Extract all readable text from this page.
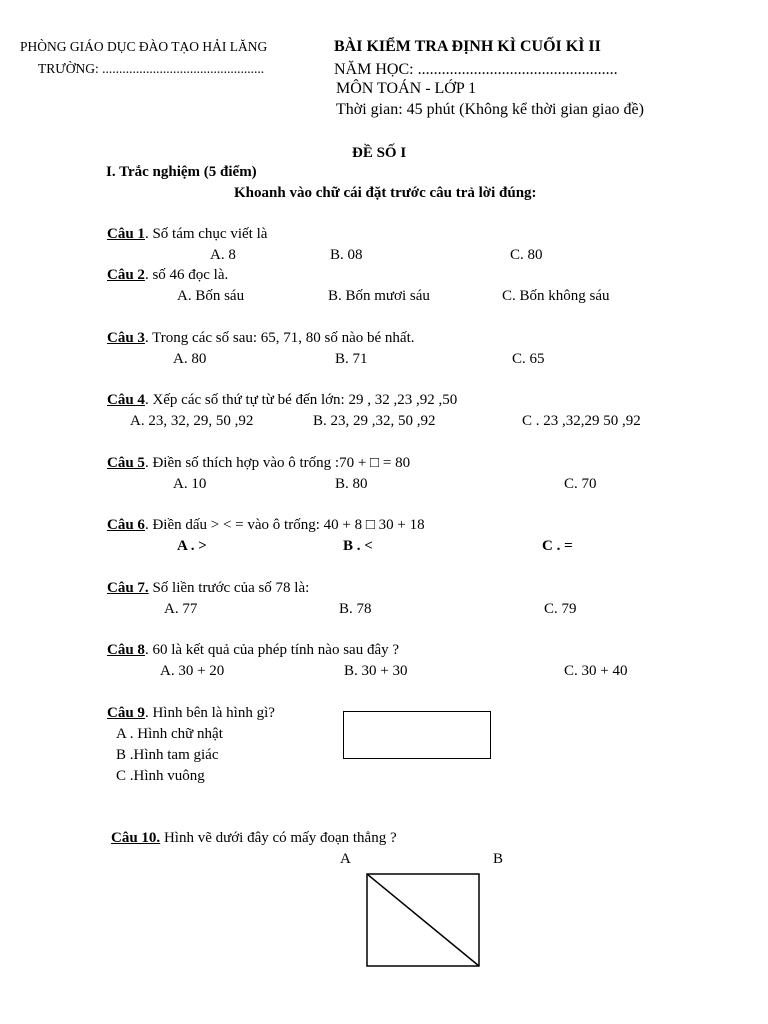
PHÒNG GIÁO DỤC ĐÀO TẠO HẢI LĂNG
TRƯỜNG: ................................................
BÀI KIỂM TRA ĐỊNH KÌ CUỐI KÌ II
NĂM HỌC: ..................................................
MÔN TOÁN - LỚP 1
Thời gian: 45 phút (Không kể thời gian giao đề)
ĐỀ SỐ I
I. Trắc nghiệm (5 điểm)
Khoanh vào chữ cái đặt trước câu trả lời đúng:
Câu 1. Số tám chục viết là
A. 8	B. 08	C. 80
Câu 2. số 46 đọc là.
A. Bốn sáu	B. Bốn mươi sáu	C. Bốn không sáu
Câu 3. Trong các số sau: 65, 71, 80 số nào bé nhất.
A. 80	B. 71	C. 65
Câu 4. Xếp các số thứ tự từ bé đến lớn: 29 , 32 ,23 ,92 ,50
A. 23, 32, 29, 50 ,92	B. 23, 29 ,32, 50 ,92	C . 23 ,32,29 50 ,92
Câu 5. Điền số thích hợp vào ô trống :70 + □ = 80
A. 10	B. 80	C. 70
Câu 6. Điền dấu > < = vào ô trống: 40 + 8 □ 30 + 18
A . >	B . <	C . =
Câu 7. Số liền trước của số 78 là:
A. 77	B. 78	C. 79
Câu 8. 60 là kết quả của phép tính nào sau đây ?
A. 30 + 20	B. 30 + 30	C. 30 + 40
Câu 9. Hình bên là hình gì?
A . Hình chữ nhật
B .Hình tam giác
C .Hình vuông
Câu 10. Hình vẽ dưới đây có mấy đoạn thẳng ?
A	B
